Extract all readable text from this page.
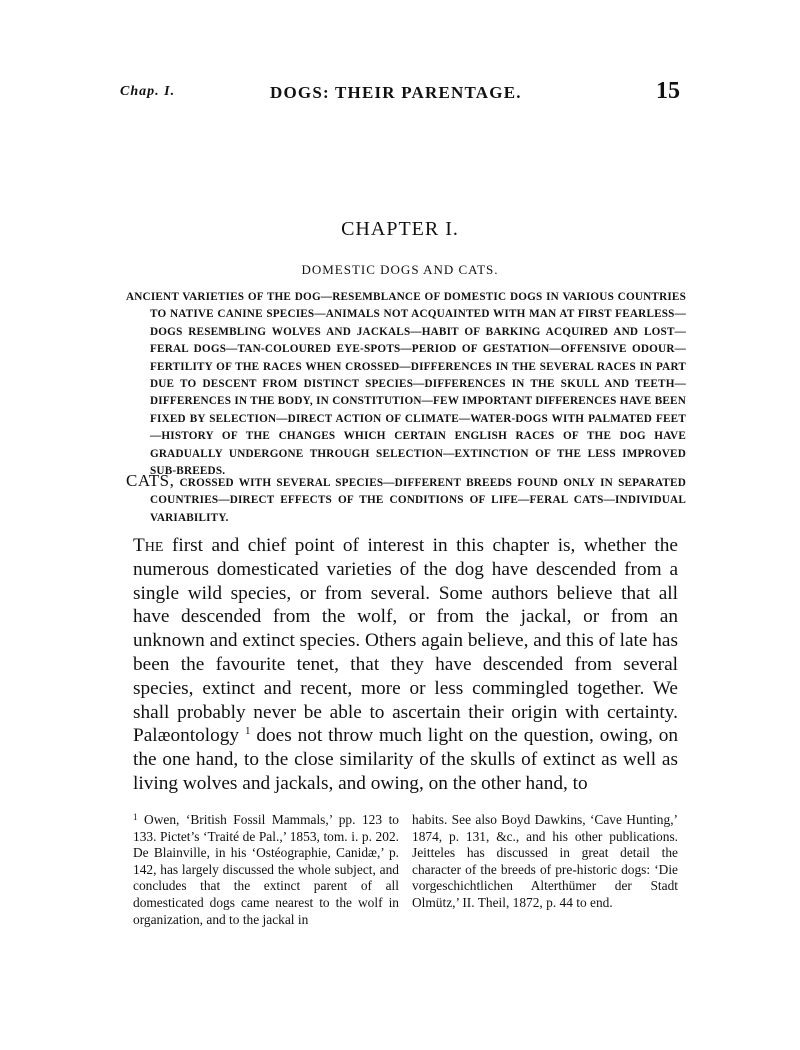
Chap. I.	DOGS: THEIR PARENTAGE.	15
CHAPTER I.
DOMESTIC DOGS AND CATS.
ANCIENT VARIETIES OF THE DOG—RESEMBLANCE OF DOMESTIC DOGS IN VARIOUS COUNTRIES TO NATIVE CANINE SPECIES—ANIMALS NOT ACQUAINTED WITH MAN AT FIRST FEARLESS—DOGS RESEMBLING WOLVES AND JACKALS—HABIT OF BARKING ACQUIRED AND LOST—FERAL DOGS—TAN-COLOURED EYE-SPOTS—PERIOD OF GESTATION—OFFENSIVE ODOUR—FERTILITY OF THE RACES WHEN CROSSED—DIFFERENCES IN THE SEVERAL RACES IN PART DUE TO DESCENT FROM DISTINCT SPECIES—DIFFERENCES IN THE SKULL AND TEETH—DIFFERENCES IN THE BODY, IN CONSTITUTION—FEW IMPORTANT DIFFERENCES HAVE BEEN FIXED BY SELECTION—DIRECT ACTION OF CLIMATE—WATER-DOGS WITH PALMATED FEET—HISTORY OF THE CHANGES WHICH CERTAIN ENGLISH RACES OF THE DOG HAVE GRADUALLY UNDERGONE THROUGH SELECTION—EXTINCTION OF THE LESS IMPROVED SUB-BREEDS.
CATS, CROSSED WITH SEVERAL SPECIES—DIFFERENT BREEDS FOUND ONLY IN SEPARATED COUNTRIES—DIRECT EFFECTS OF THE CONDITIONS OF LIFE—FERAL CATS—INDIVIDUAL VARIABILITY.

The first and chief point of interest in this chapter is, whether the numerous domesticated varieties of the dog have descended from a single wild species, or from several. Some authors believe that all have descended from the wolf, or from the jackal, or from an unknown and extinct species. Others again believe, and this of late has been the favourite tenet, that they have descended from several species, extinct and recent, more or less commingled together. We shall probably never be able to ascertain their origin with certainty. Palæontology $^1$ does not throw much light on the question, owing, on the one hand, to the close similarity of the skulls of extinct as well as living wolves and jackals, and owing, on the other hand, to

$^1$ Owen, ‘British Fossil Mammals,’ pp. 123 to 133. Pictet’s ‘Traité de Pal.,’ 1853, tom. i. p. 202. De Blainville, in his ‘Ostéographie, Canidæ,’ p. 142, has largely discussed the whole subject, and concludes that the extinct parent of all domesticated dogs came nearest to the wolf in organization, and to the jackal in
habits. See also Boyd Dawkins, ‘Cave Hunting,’ 1874, p. 131, &c., and his other publications. Jeitteles has discussed in great detail the character of the breeds of pre-historic dogs: ‘Die vorgeschichtlichen Alterthümer der Stadt Olmütz,’ II. Theil, 1872, p. 44 to end.
